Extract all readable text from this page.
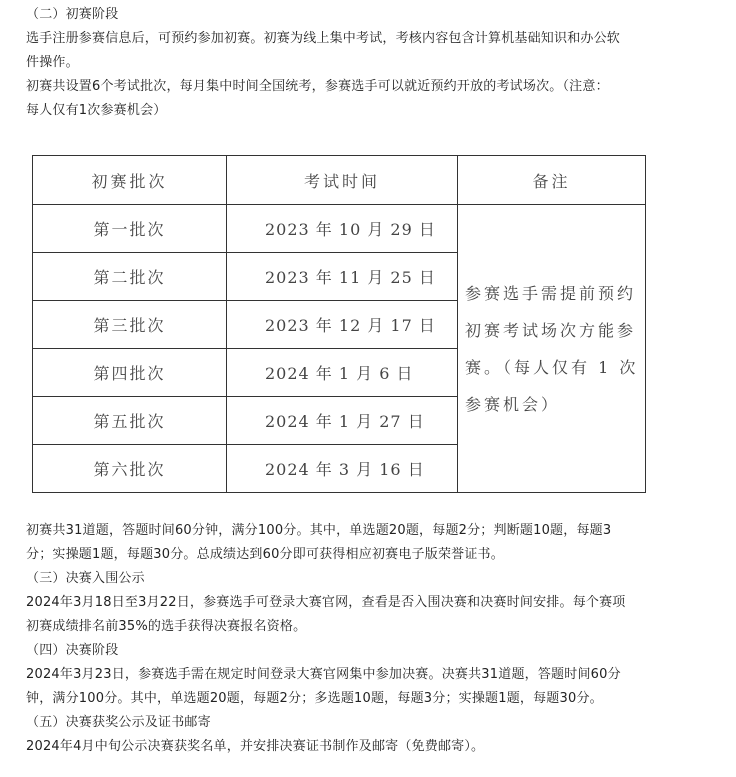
（二）初赛阶段
选手注册参赛信息后，可预约参加初赛。初赛为线上集中考试，考核内容包含计算机基础知识和办公软
件操作。
初赛共设置6个考试批次，每月集中时间全国统考，参赛选手可以就近预约开放的考试场次。（注意：
每人仅有1次参赛机会）
初赛批次	考试时间	备注
第一批次	2023 年 10 月 29 日	参赛选手需提前预约
初赛考试场次方能参
赛。（每人仅有 1 次
参赛机会）

第二批次	2023 年 11 月 25 日	
第三批次	2023 年 12 月 17 日	
第四批次	2024 年 1 月 6 日	
第五批次	2024 年 1 月 27 日	
第六批次	2024 年 3 月 16 日	
初赛共31道题，答题时间60分钟，满分100分。其中，单选题20题，每题2分；判断题10题，每题3
分；实操题1题，每题30分。总成绩达到60分即可获得相应初赛电子版荣誉证书。
（三）决赛入围公示
2024年3月18日至3月22日，参赛选手可登录大赛官网，查看是否入围决赛和决赛时间安排。每个赛项
初赛成绩排名前35%的选手获得决赛报名资格。
（四）决赛阶段
2024年3月23日，参赛选手需在规定时间登录大赛官网集中参加决赛。决赛共31道题，答题时间60分
钟，满分100分。其中，单选题20题，每题2分；多选题10题，每题3分；实操题1题，每题30分。
（五）决赛获奖公示及证书邮寄
2024年4月中旬公示决赛获奖名单，并安排决赛证书制作及邮寄（免费邮寄）。
